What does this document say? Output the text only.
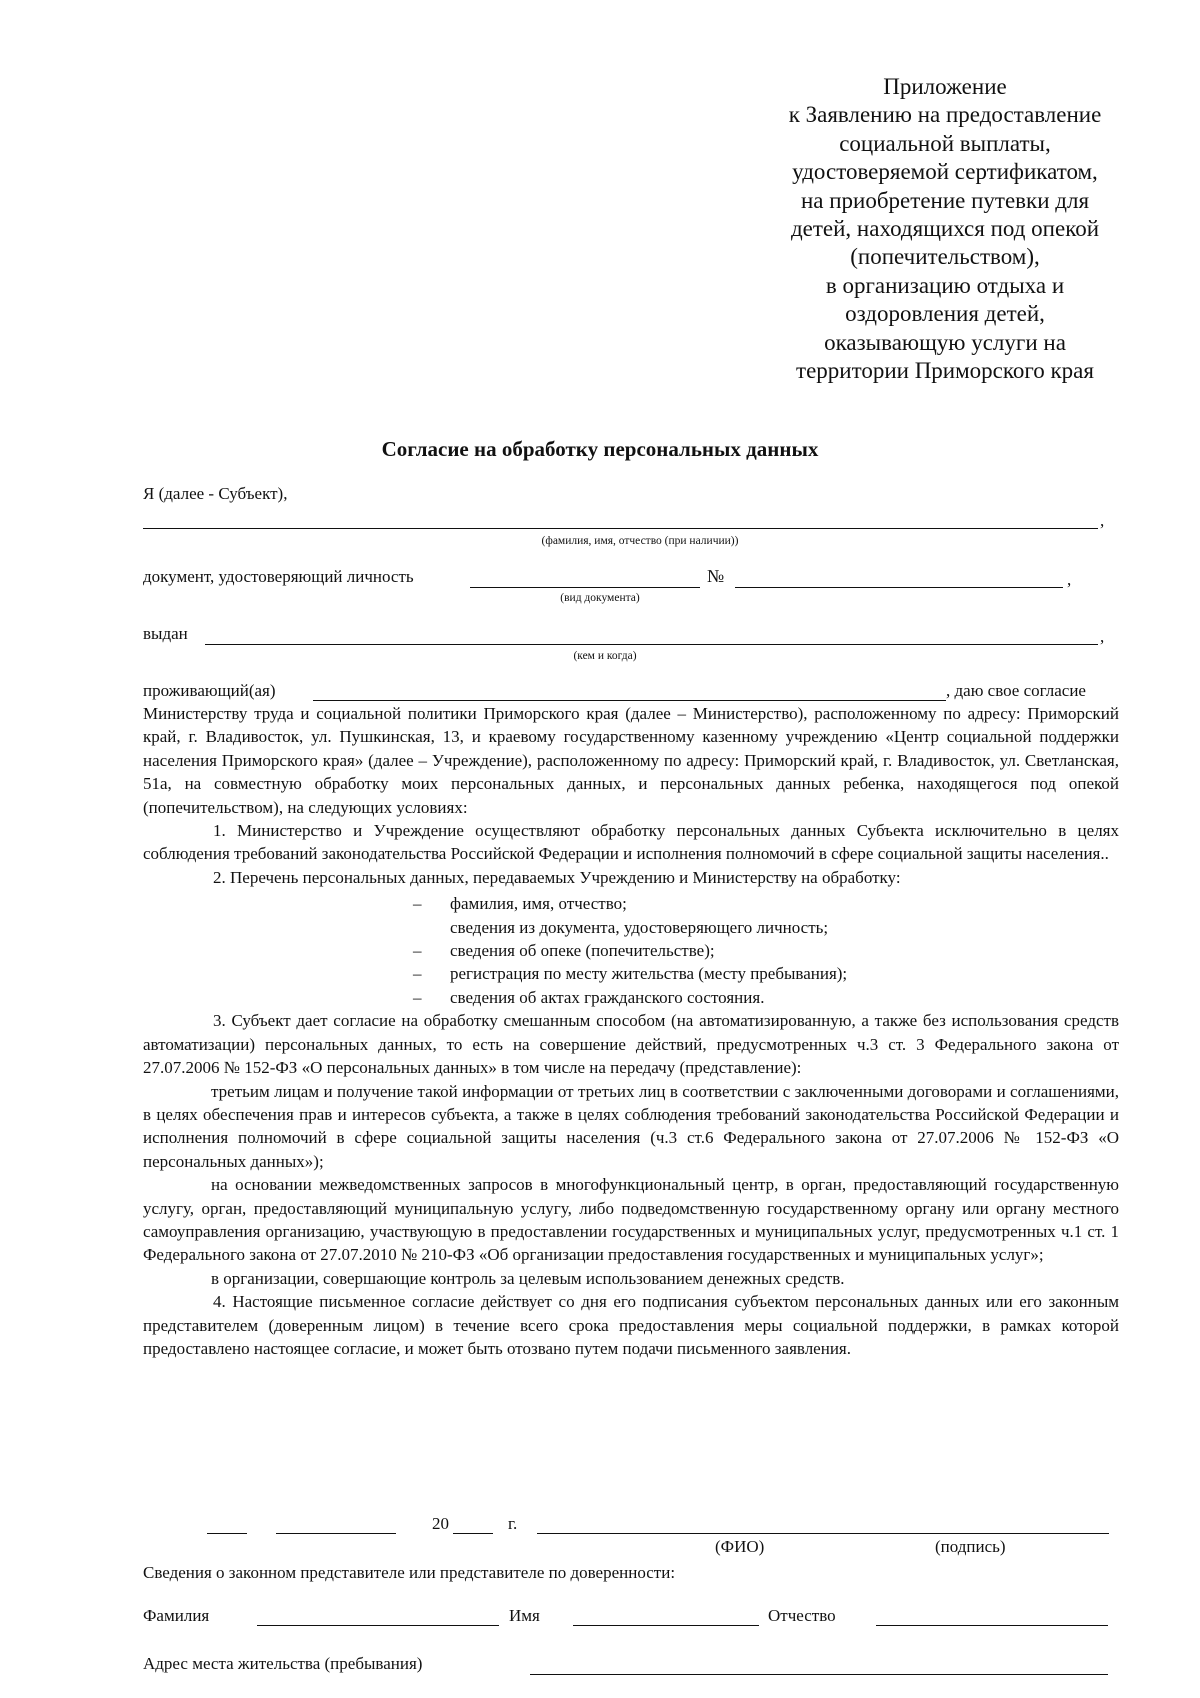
Приложение
к Заявлению на предоставление
социальной выплаты,
удостоверяемой сертификатом,
на приобретение путевки для
детей, находящихся под опекой
(попечительством),
в организацию отдыха и
оздоровления детей,
оказывающую услуги на
территории Приморского края
Согласие на обработку персональных данных
Я (далее - Субъект),
,
(фамилия, имя, отчество (при наличии))
документ, удостоверяющий личность	№	,
(вид документа)
выдан	,
(кем и когда)
проживающий(ая)	, даю свое согласие

Министерству труда и социальной политики Приморского края (далее – Министерство), расположенному по адресу: Приморский край, г. Владивосток, ул. Пушкинская, 13, и краевому государственному казенному учреждению «Центр социальной поддержки населения Приморского края» (далее – Учреждение), расположенному по адресу: Приморский край, г. Владивосток, ул. Светланская, 51а, на совместную обработку моих персональных данных, и персональных данных ребенка, находящегося под опекой (попечительством), на следующих условиях:

1. Министерство и Учреждение осуществляют обработку персональных данных Субъекта исключительно в целях соблюдения требований законодательства Российской Федерации и исполнения полномочий в сфере социальной защиты населения..

2. Перечень персональных данных, передаваемых Учреждению и Министерству на обработку:

– фамилия, имя, отчество;
сведения из документа, удостоверяющего личность;
– сведения об опеке (попечительстве);
– регистрация по месту жительства (месту пребывания);
– сведения об актах гражданского состояния.

3. Субъект дает согласие на обработку смешанным способом (на автоматизированную, а также без использования средств автоматизации) персональных данных, то есть на совершение действий, предусмотренных ч.3 ст. 3 Федерального закона от 27.07.2006 № 152-ФЗ «О персональных данных» в том числе на передачу (представление):

третьим лицам и получение такой информации от третьих лиц в соответствии с заключенными договорами и соглашениями, в целях обеспечения прав и интересов субъекта, а также в целях соблюдения требований законодательства Российской Федерации и исполнения полномочий в сфере социальной защиты населения (ч.3 ст.6 Федерального закона от 27.07.2006 № 152-ФЗ «О персональных данных»);

на основании межведомственных запросов в многофункциональный центр, в орган, предоставляющий государственную услугу, орган, предоставляющий муниципальную услугу, либо подведомственную государственному органу или органу местного самоуправления организацию, участвующую в предоставлении государственных и муниципальных услуг, предусмотренных ч.1 ст. 1 Федерального закона от 27.07.2010 № 210-ФЗ «Об организации предоставления государственных и муниципальных услуг»;

в организации, совершающие контроль за целевым использованием денежных средств.

4. Настоящие письменное согласие действует со дня его подписания субъектом персональных данных или его законным представителем (доверенным лицом) в течение всего срока предоставления меры социальной поддержки, в рамках которой предоставлено настоящее согласие, и может быть отозвано путем подачи письменного заявления.

20	г.
(ФИО)	(подпись)
Сведения о законном представителе или представителе по доверенности:
Фамилия	Имя	Отчество
Адрес места жительства (пребывания)
